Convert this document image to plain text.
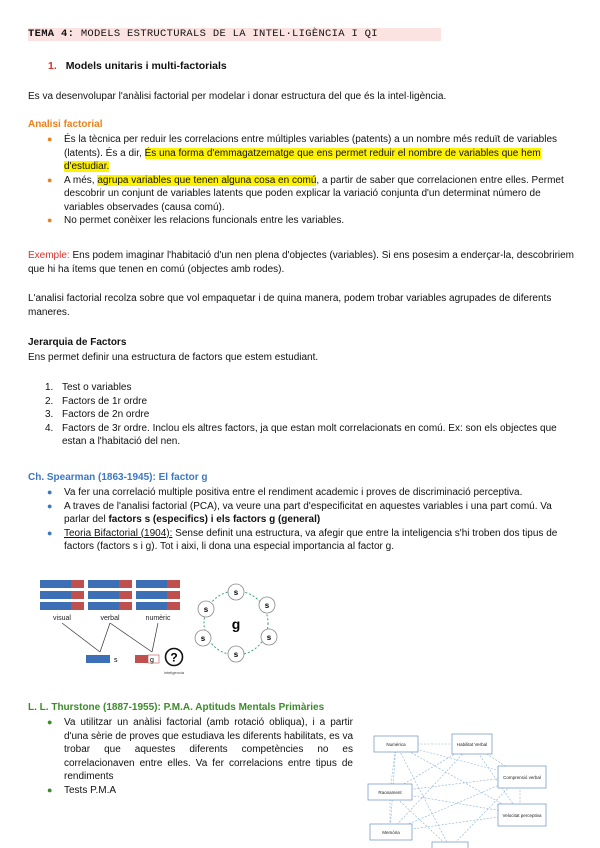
TEMA 4: MODELS ESTRUCTURALS DE LA INTEL·LIGÈNCIA I QI
1. Models unitaris i multi-factorials

Es va desenvolupar l'anàlisi factorial per modelar i donar estructura del que és la intel·ligència.

Analisi factorial
● És la tècnica per reduir les correlacions entre múltiples variables (patents) a un nombre més reduït de variables (latents). És a dir, És una forma d'emmagatzematge que ens permet reduir el nombre de variables que hem d'estudiar.
● A més, agrupa variables que tenen alguna cosa en comú, a partir de saber que correlacionen entre elles. Permet descobrir un conjunt de variables latents que poden explicar la variació conjunta d'un determinat número de variables observades (causa comú).
● No permet conèixer les relacions funcionals entre les variables.

Exemple: Ens podem imaginar l'habitació d'un nen plena d'objectes (variables). Si ens posesim a enderçar-la, descobririem que hi ha ítems que tenen en comú (objectes amb rodes).

L'analisi factorial recolza sobre que vol empaquetar i de quina manera, podem trobar variables agrupades de diferents maneres.

Jerarquia de Factors

Ens permet definir una estructura de factors que estem estudiant.

1. Test o variables
2. Factors de 1r ordre
3. Factors de 2n ordre
4. Factors de 3r ordre. Inclou els altres factors, ja que estan molt correlacionats en comú. Ex: son els objectes que estan a l'habitació del nen.
Ch. Spearman (1863-1945): El factor g
● Va fer una correlació multiple positiva entre el rendiment academic i proves de discriminació perceptiva.
● A traves de l'analisi factorial (PCA), va veure una part d'especificitat en aquestes variables i una part comú. Va parlar del factors s (especifics) i els factors g (general)
● Teoria Bifactorial (1904): Sense definit una estructura, va afegir que entre la inteligencia s'hi troben dos tipus de factors (factors s i g). Tot i aixi, li dona una especial importancia al factor g.
visual	verbal	numèric
s	g ?
inteligencia
g
s
s	s
s	s
s
L. L. Thurstone (1887-1955): P.M.A. Aptituds Mentals Primàries
● Va utilitzar un anàlisi factorial (amb rotació obliqua), i a partir d'una sèrie de proves que estudiava les diferents habilitats, es va trobar que aquestes diferents competències no es correlacionaven entre elles. Va fer correlacions entre tipus de rendiments
● Tests P.M.A
Numèrica	Habilitat Verbal
Comprensió verbal
Raonament
Velocitat perceptiva
Memòria
